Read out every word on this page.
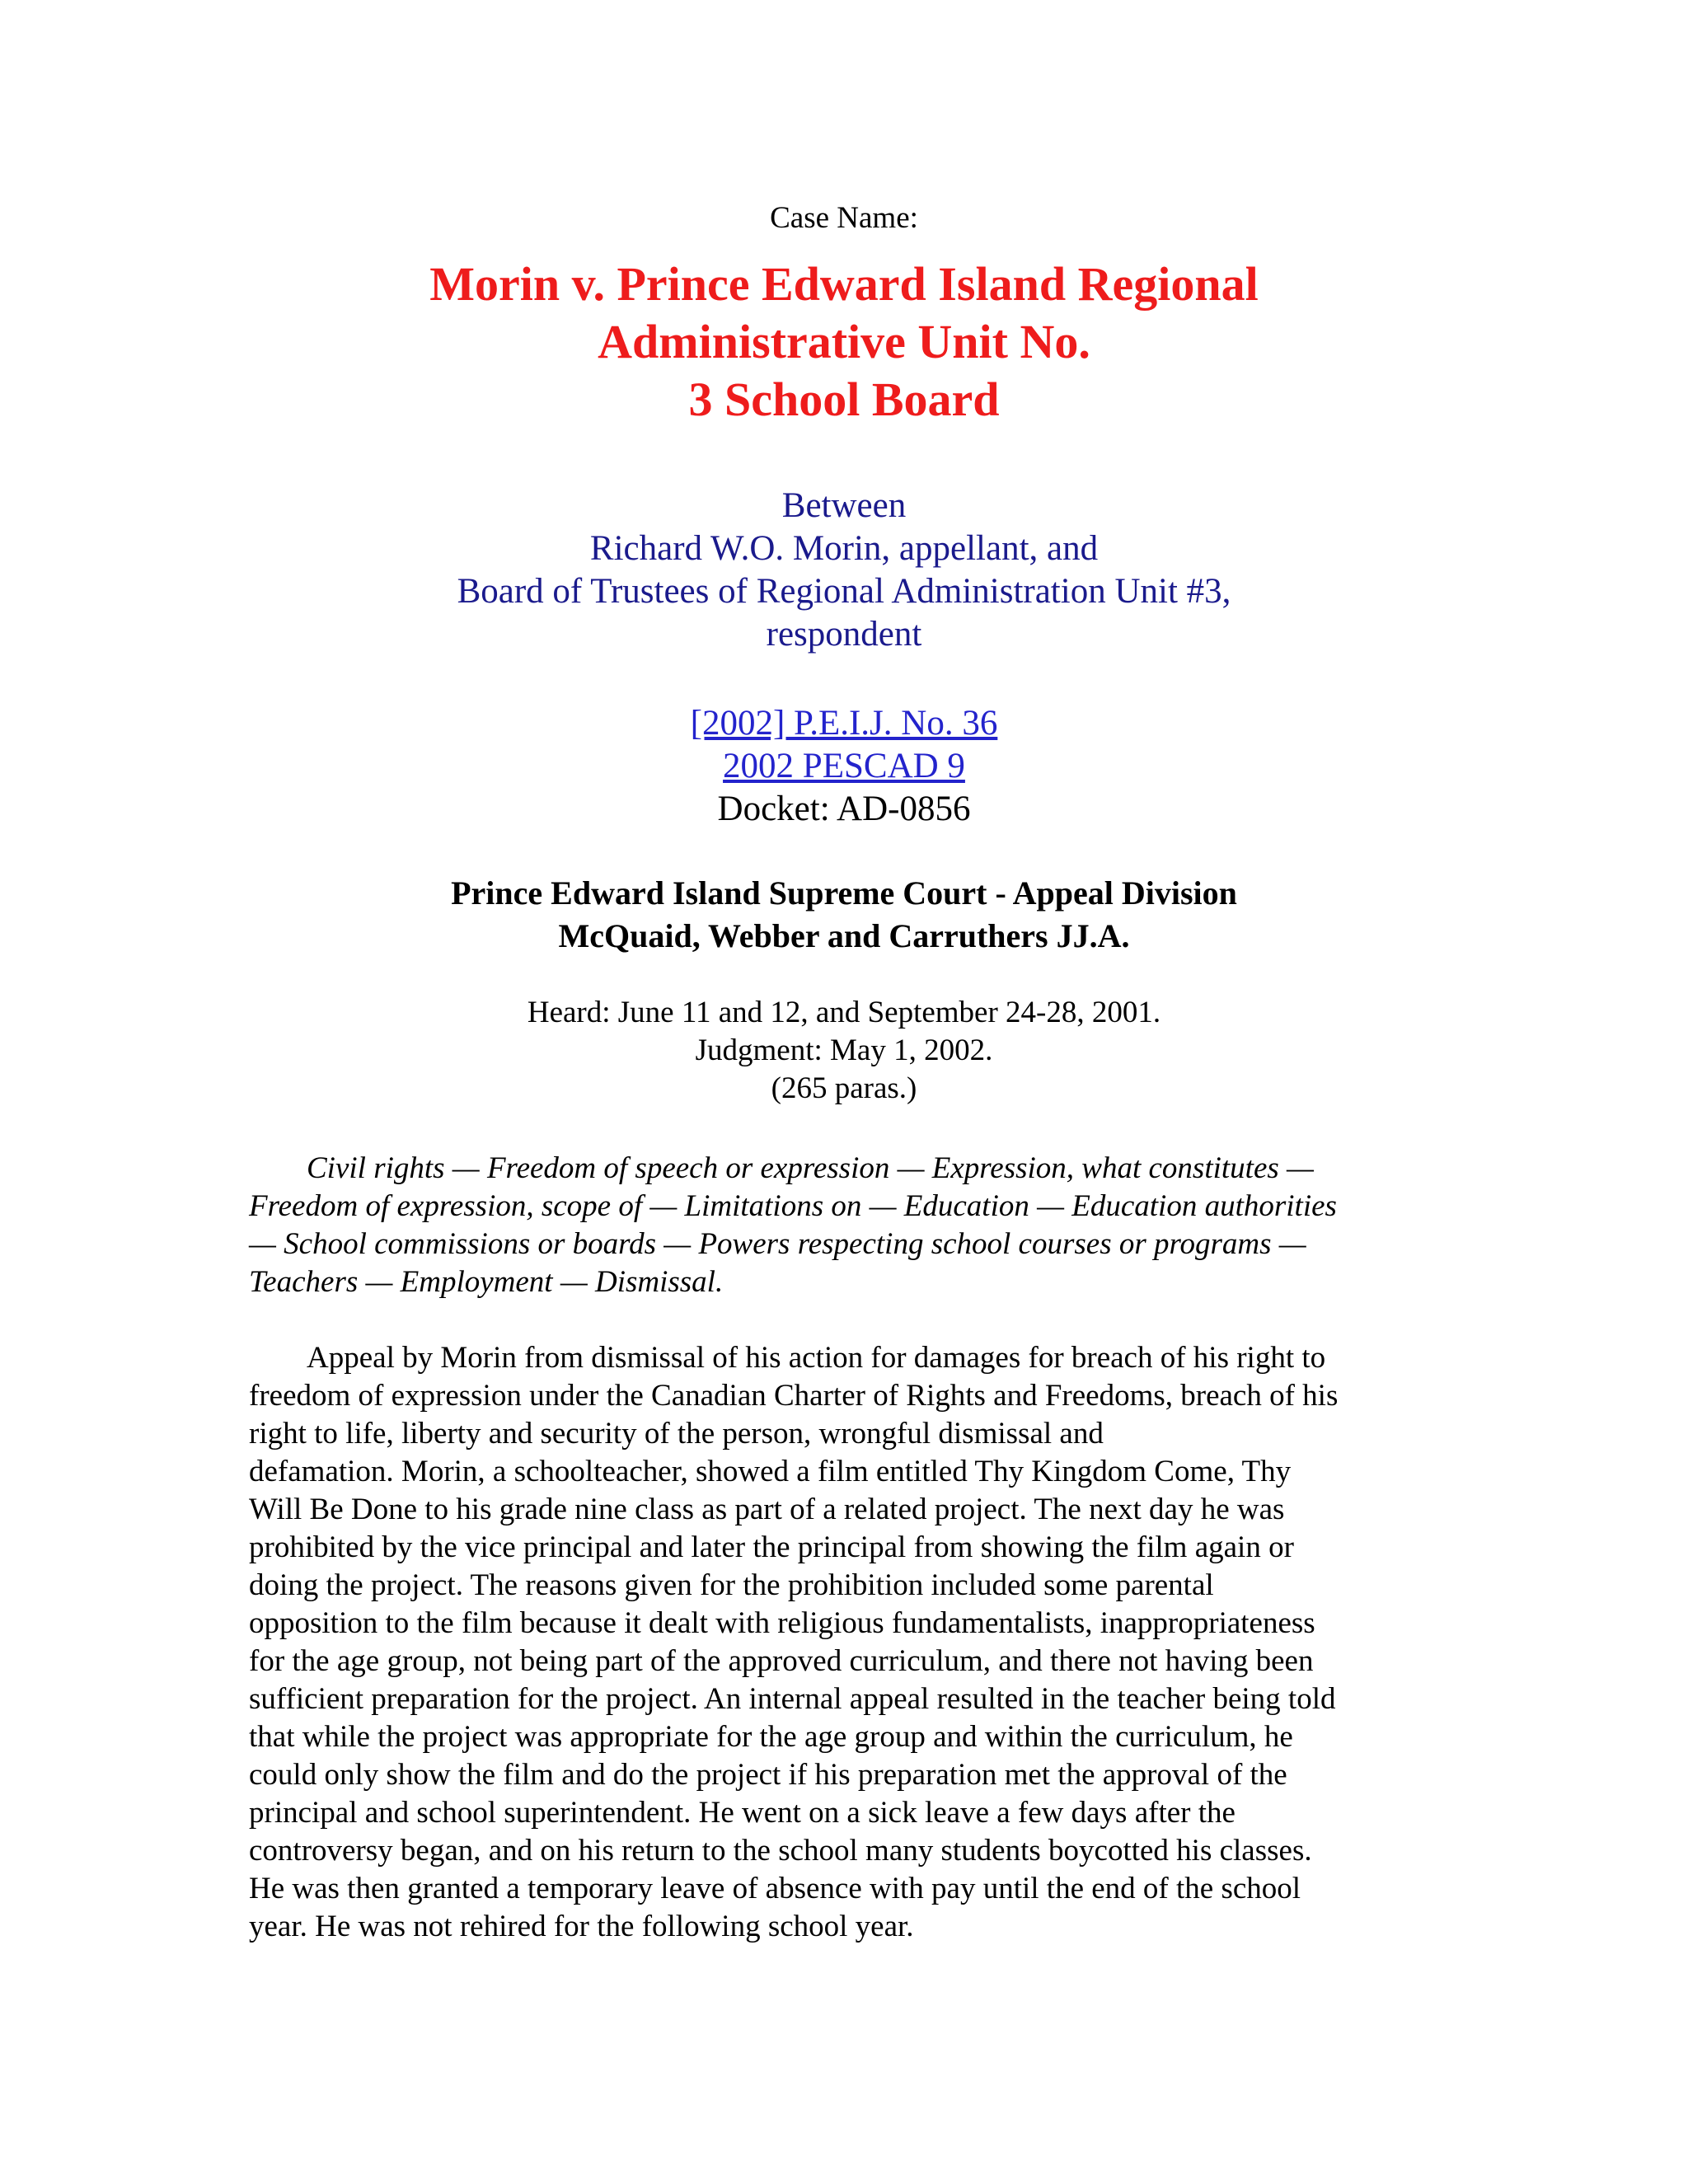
Case Name:
Morin v. Prince Edward Island Regional
Administrative Unit No.
3 School Board
Between
Richard W.O. Morin, appellant, and
Board of Trustees of Regional Administration Unit #3,
respondent
[2002] P.E.I.J. No. 36
2002 PESCAD 9
Docket: AD-0856
Prince Edward Island Supreme Court - Appeal Division
McQuaid, Webber and Carruthers JJ.A.
Heard: June 11 and 12, and September 24-28, 2001.
Judgment: May 1, 2002.
(265 paras.)
Civil rights — Freedom of speech or expression — Expression, what constitutes —
Freedom of expression, scope of — Limitations on — Education — Education authorities
— School commissions or boards — Powers respecting school courses or programs —
Teachers — Employment — Dismissal.
Appeal by Morin from dismissal of his action for damages for breach of his right to
freedom of expression under the Canadian Charter of Rights and Freedoms, breach of his
right to life, liberty and security of the person, wrongful dismissal and
defamation. Morin, a schoolteacher, showed a film entitled Thy Kingdom Come, Thy
Will Be Done to his grade nine class as part of a related project. The next day he was
prohibited by the vice principal and later the principal from showing the film again or
doing the project. The reasons given for the prohibition included some parental
opposition to the film because it dealt with religious fundamentalists, inappropriateness
for the age group, not being part of the approved curriculum, and there not having been
sufficient preparation for the project. An internal appeal resulted in the teacher being told
that while the project was appropriate for the age group and within the curriculum, he
could only show the film and do the project if his preparation met the approval of the
principal and school superintendent. He went on a sick leave a few days after the
controversy began, and on his return to the school many students boycotted his classes.
He was then granted a temporary leave of absence with pay until the end of the school
year. He was not rehired for the following school year.
